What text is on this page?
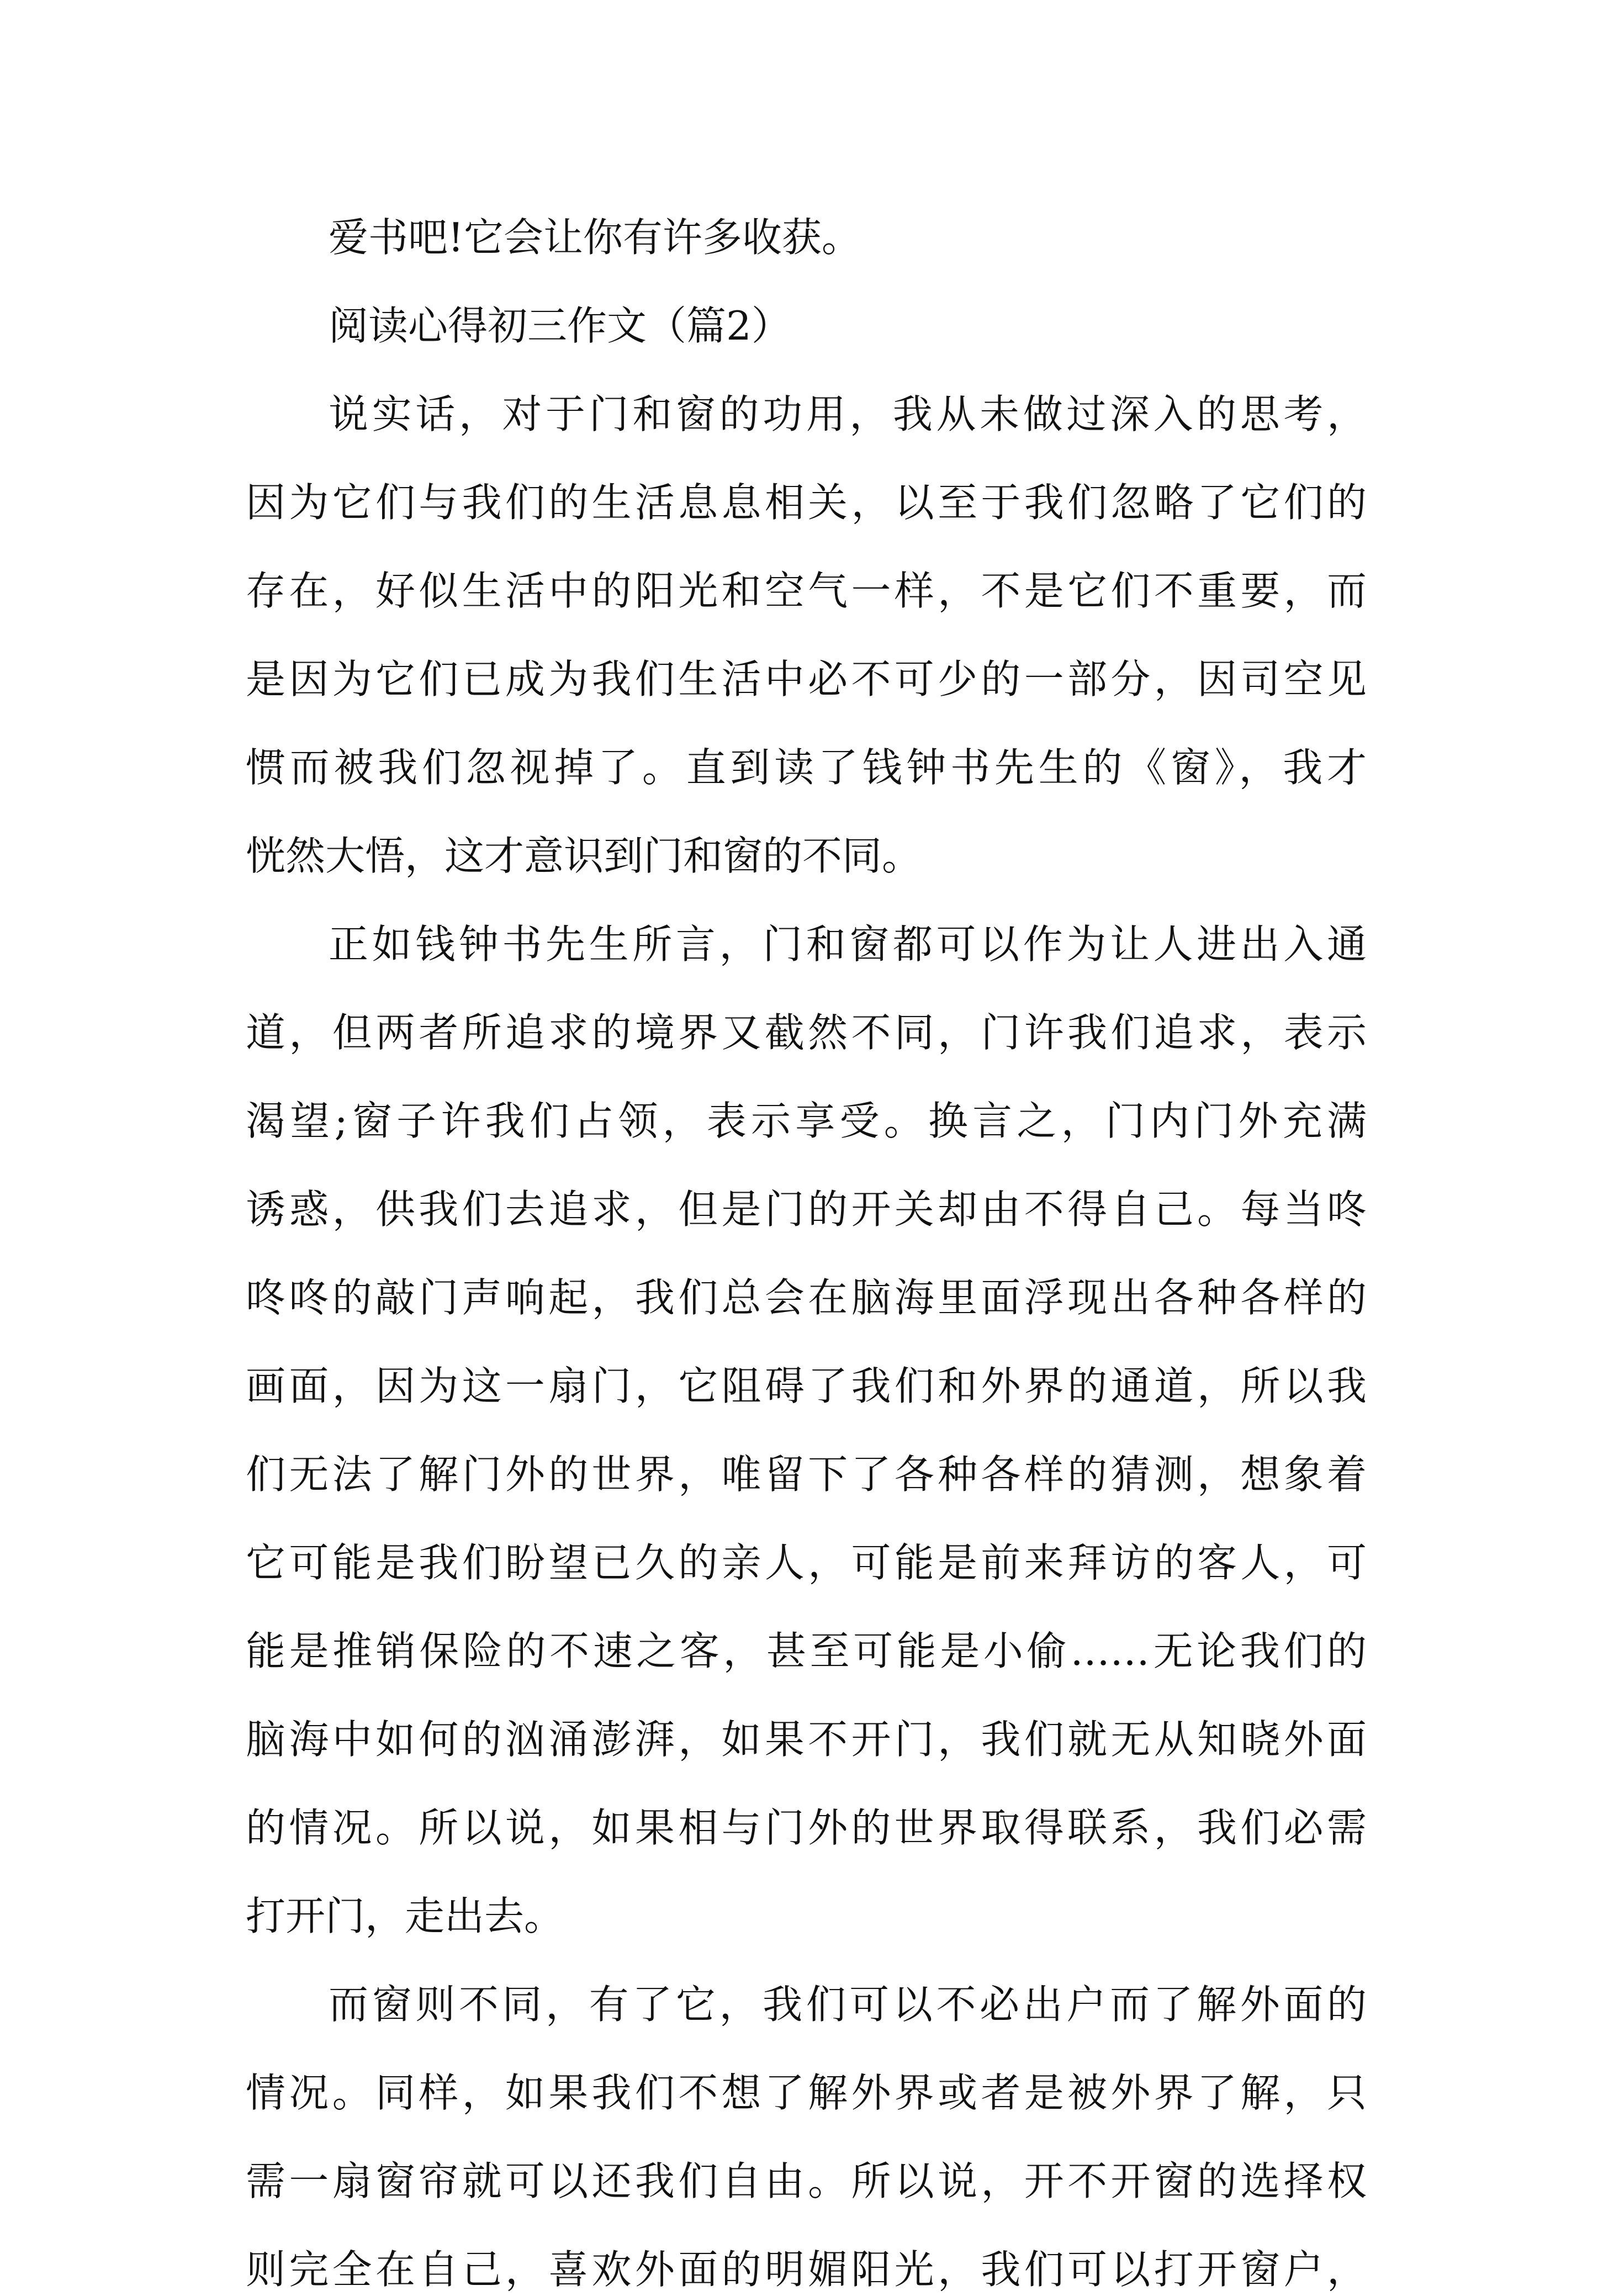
爱书吧!它会让你有许多收获。
阅读心得初三作文（篇2）
说实话，对于门和窗的功用，我从未做过深入的思考，
因为它们与我们的生活息息相关，以至于我们忽略了它们的
存在，好似生活中的阳光和空气一样，不是它们不重要，而
是因为它们已成为我们生活中必不可少的一部分，因司空见
惯而被我们忽视掉了。直到读了钱钟书先生的《窗》，我才
恍然大悟，这才意识到门和窗的不同。
正如钱钟书先生所言，门和窗都可以作为让人进出入通
道，但两者所追求的境界又截然不同，门许我们追求，表示
渴望;窗子许我们占领，表示享受。换言之，门内门外充满
诱惑，供我们去追求，但是门的开关却由不得自己。每当咚
咚咚的敲门声响起，我们总会在脑海里面浮现出各种各样的
画面，因为这一扇门，它阻碍了我们和外界的通道，所以我
们无法了解门外的世界，唯留下了各种各样的猜测，想象着
它可能是我们盼望已久的亲人，可能是前来拜访的客人，可
能是推销保险的不速之客，甚至可能是小偷……无论我们的
脑海中如何的汹涌澎湃，如果不开门，我们就无从知晓外面
的情况。所以说，如果相与门外的世界取得联系，我们必需
打开门，走出去。
而窗则不同，有了它，我们可以不必出户而了解外面的
情况。同样，如果我们不想了解外界或者是被外界了解，只
需一扇窗帘就可以还我们自由。所以说，开不开窗的选择权
则完全在自己，喜欢外面的明媚阳光，我们可以打开窗户，
